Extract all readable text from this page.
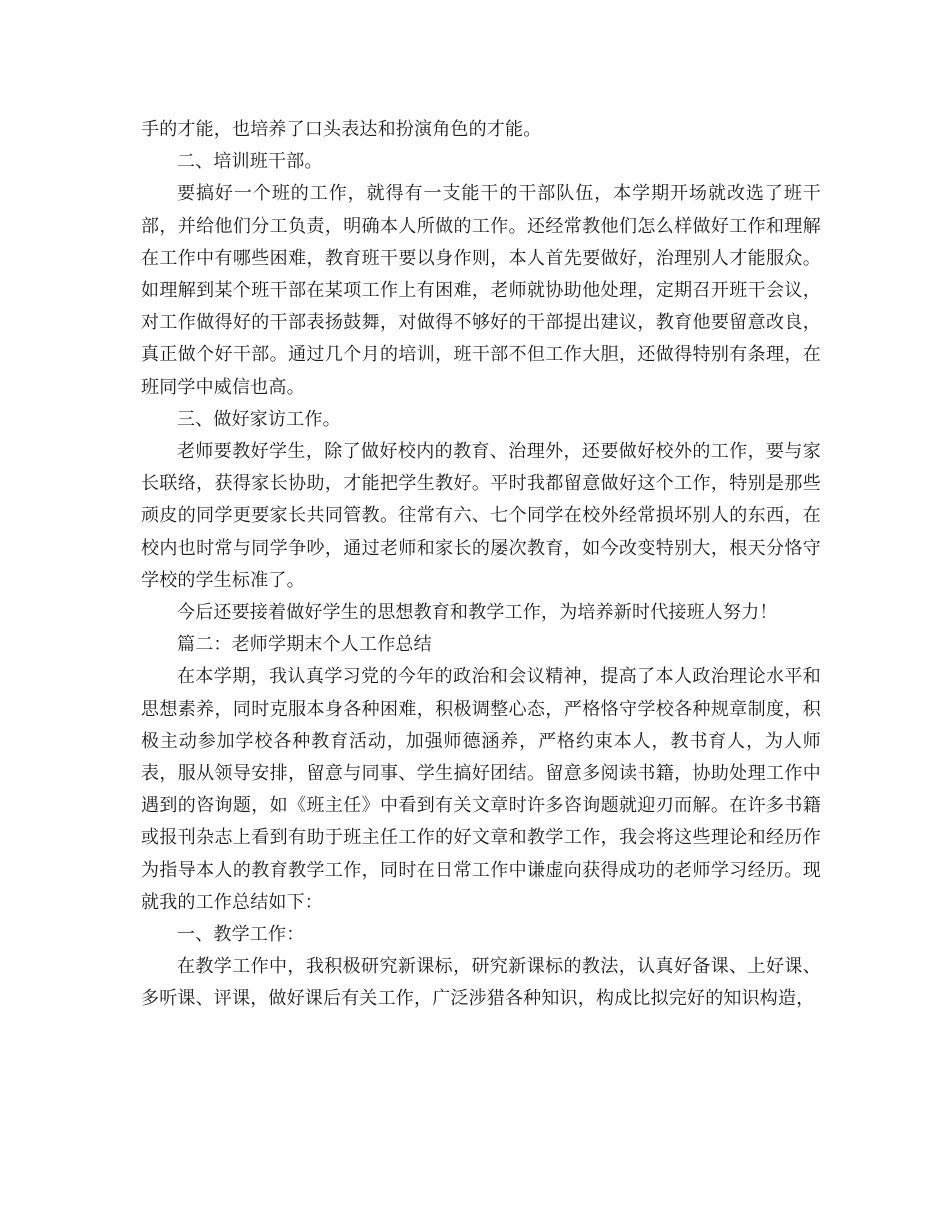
手的才能，也培养了口头表达和扮演角色的才能。

二、培训班干部。

要搞好一个班的工作，就得有一支能干的干部队伍，本学期开场就改选了班干部，并给他们分工负责，明确本人所做的工作。还经常教他们怎么样做好工作和理解在工作中有哪些困难，教育班干要以身作则，本人首先要做好，治理别人才能服众。如理解到某个班干部在某项工作上有困难，老师就协助他处理，定期召开班干会议，对工作做得好的干部表扬鼓舞，对做得不够好的干部提出建议，教育他要留意改良，真正做个好干部。通过几个月的培训，班干部不但工作大胆，还做得特别有条理，在班同学中威信也高。

三、做好家访工作。

老师要教好学生，除了做好校内的教育、治理外，还要做好校外的工作，要与家长联络，获得家长协助，才能把学生教好。平时我都留意做好这个工作，特别是那些顽皮的同学更要家长共同管教。往常有六、七个同学在校外经常损坏别人的东西，在校内也时常与同学争吵，通过老师和家长的屡次教育，如今改变特别大，根天分恪守学校的学生标准了。

今后还要接着做好学生的思想教育和教学工作，为培养新时代接班人努力！

篇二：老师学期末个人工作总结

在本学期，我认真学习党的今年的政治和会议精神，提高了本人政治理论水平和思想素养，同时克服本身各种困难，积极调整心态，严格恪守学校各种规章制度，积极主动参加学校各种教育活动，加强师德涵养，严格约束本人，教书育人，为人师表，服从领导安排，留意与同事、学生搞好团结。留意多阅读书籍，协助处理工作中遇到的咨询题，如《班主任》中看到有关文章时许多咨询题就迎刃而解。在许多书籍或报刊杂志上看到有助于班主任工作的好文章和教学工作，我会将这些理论和经历作为指导本人的教育教学工作，同时在日常工作中谦虚向获得成功的老师学习经历。现就我的工作总结如下：

一、教学工作：

在教学工作中，我积极研究新课标，研究新课标的教法，认真好备课、上好课、多听课、评课，做好课后有关工作，广泛涉猎各种知识，构成比拟完好的知识构造，
